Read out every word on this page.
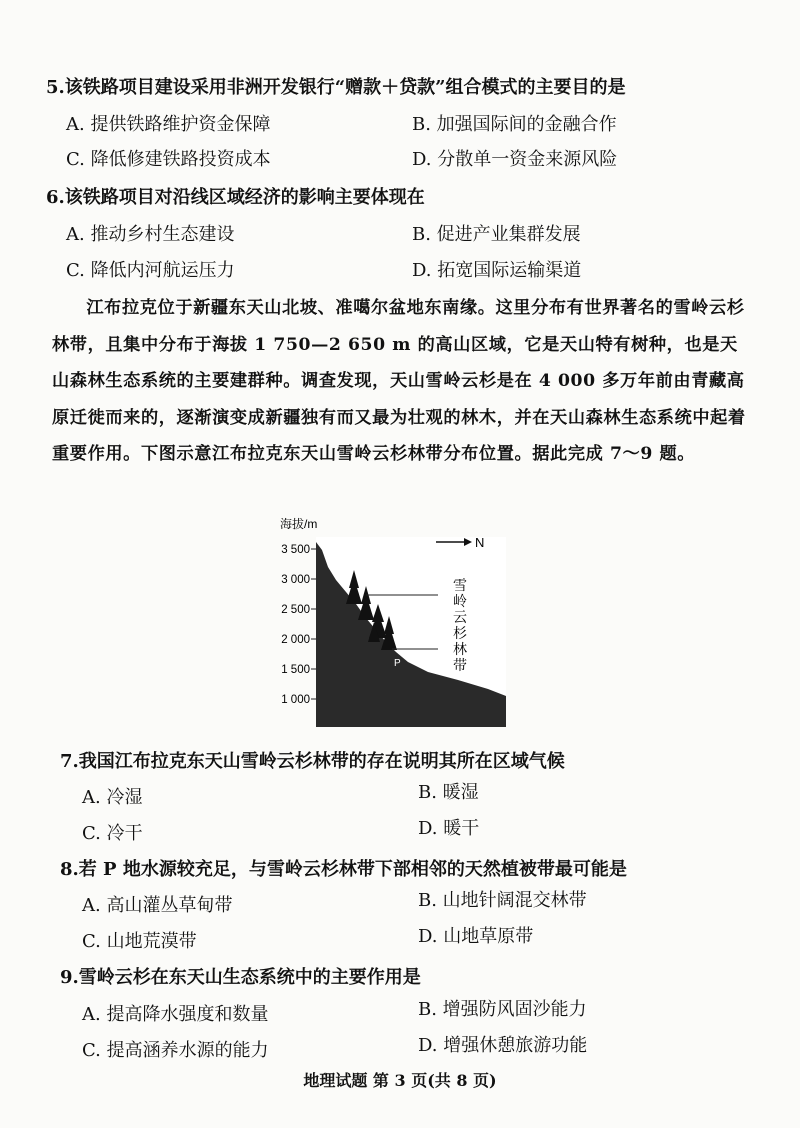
5.该铁路项目建设采用非洲开发银行“赠款＋贷款”组合模式的主要目的是
A. 提供铁路维护资金保障	B. 加强国际间的金融合作
C. 降低修建铁路投资成本	D. 分散单一资金来源风险
6.该铁路项目对沿线区域经济的影响主要体现在
A. 推动乡村生态建设	B. 促进产业集群发展
C. 降低内河航运压力	D. 拓宽国际运输渠道

江布拉克位于新疆东天山北坡、准噶尔盆地东南缘。这里分布有世界著名的雪岭云杉林带，且集中分布于海拔 1 750—2 650 m 的高山区域，它是天山特有树种，也是天山森林生态系统的主要建群种。调查发现，天山雪岭云杉是在 4 000 多万年前由青藏高原迁徙而来的，逐渐演变成新疆独有而又最为壮观的林木，并在天山森林生态系统中起着重要作用。下图示意江布拉克东天山雪岭云杉林带分布位置。据此完成 7～9 题。

海拔/m
3 500
3 000
2 500
2 000
1 500
1 000
P
N
雪岭云杉林带
7.我国江布拉克东天山雪岭云杉林带的存在说明其所在区域气候
A. 冷湿	B. 暖湿
C. 冷干	D. 暖干
8.若 P 地水源较充足，与雪岭云杉林带下部相邻的天然植被带最可能是
A. 高山灌丛草甸带	B. 山地针阔混交林带
C. 山地荒漠带	D. 山地草原带
9.雪岭云杉在东天山生态系统中的主要作用是
A. 提高降水强度和数量	B. 增强防风固沙能力
C. 提高涵养水源的能力	D. 增强休憩旅游功能
地理试题 第 3 页(共 8 页)
